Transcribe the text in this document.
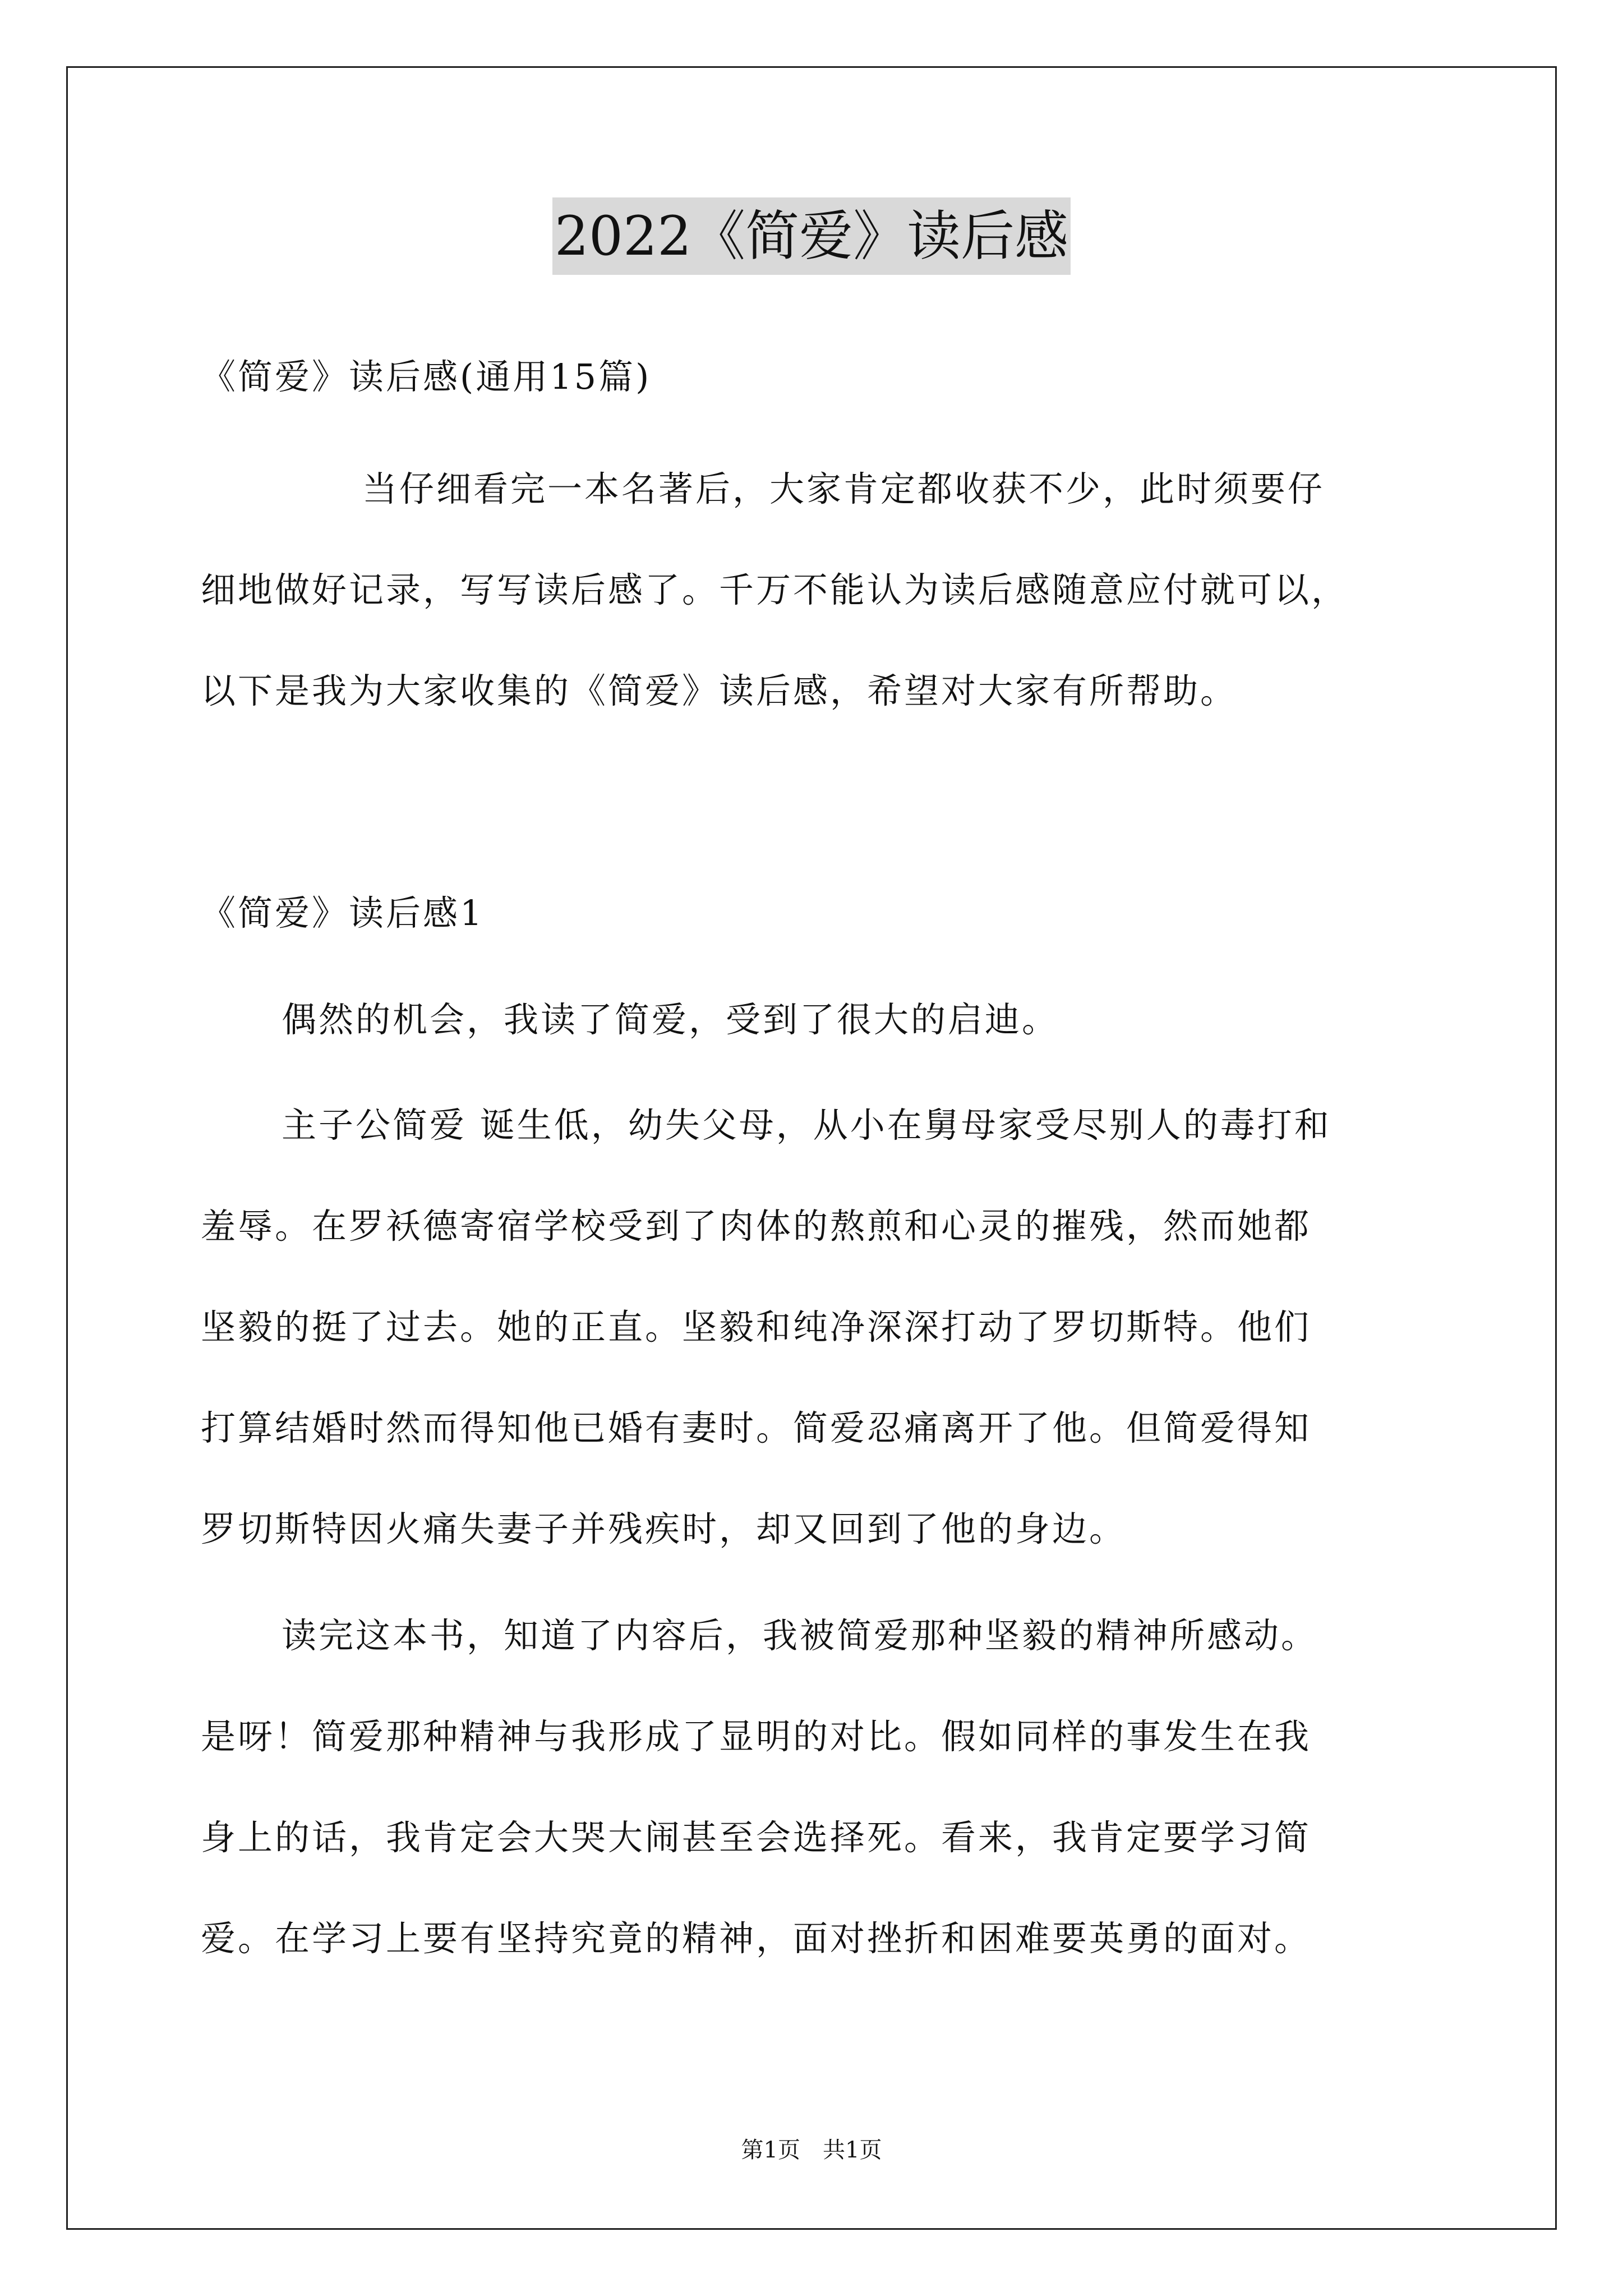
2022《简爱》读后感

《简爱》读后感(通用15篇)

当仔细看完一本名著后，大家肯定都收获不少，此时须要仔

细地做好记录，写写读后感了。千万不能认为读后感随意应付就可以，

以下是我为大家收集的《简爱》读后感，希望对大家有所帮助。

《简爱》读后感1

偶然的机会，我读了简爱，受到了很大的启迪。

主子公简爱 诞生低，幼失父母，从小在舅母家受尽别人的毒打和

羞辱。在罗袄德寄宿学校受到了肉体的熬煎和心灵的摧残，然而她都

坚毅的挺了过去。她的正直。坚毅和纯净深深打动了罗切斯特。他们

打算结婚时然而得知他已婚有妻时。简爱忍痛离开了他。但简爱得知

罗切斯特因火痛失妻子并残疾时，却又回到了他的身边。

读完这本书，知道了内容后，我被简爱那种坚毅的精神所感动。

是呀！简爱那种精神与我形成了显明的对比。假如同样的事发生在我

身上的话，我肯定会大哭大闹甚至会选择死。看来，我肯定要学习简

爱。在学习上要有坚持究竟的精神，面对挫折和困难要英勇的面对。

第1页　共1页
